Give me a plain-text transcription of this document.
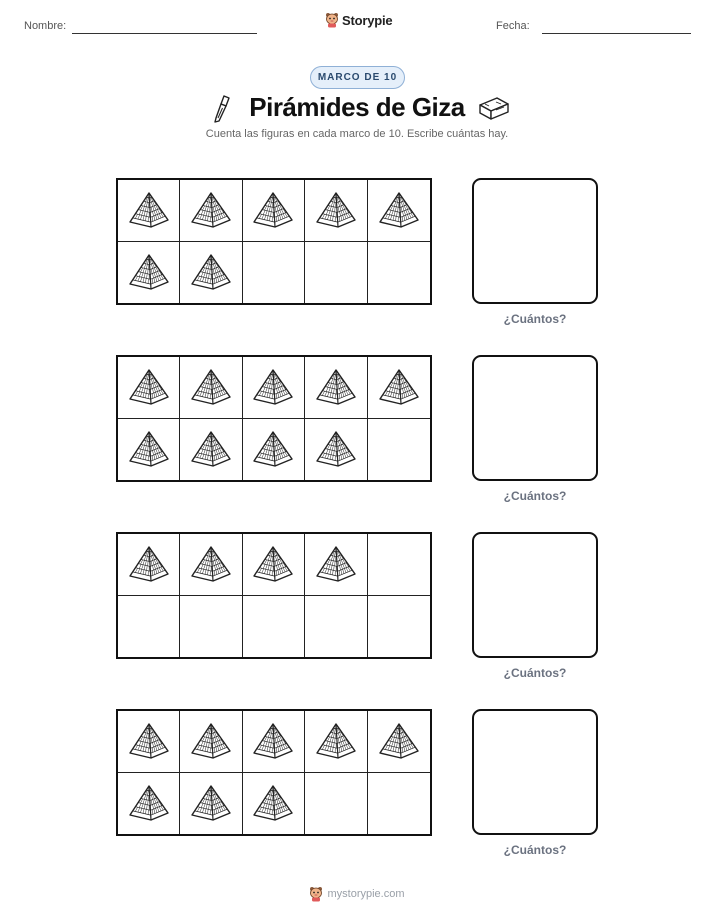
Nombre:	Storypie	Fecha:
MARCO DE 10
Pirámides de Giza
Cuenta las figuras en cada marco de 10. Escribe cuántas hay.
¿Cuántos?
¿Cuántos?
¿Cuántos?
¿Cuántos?
mystorypie.com
